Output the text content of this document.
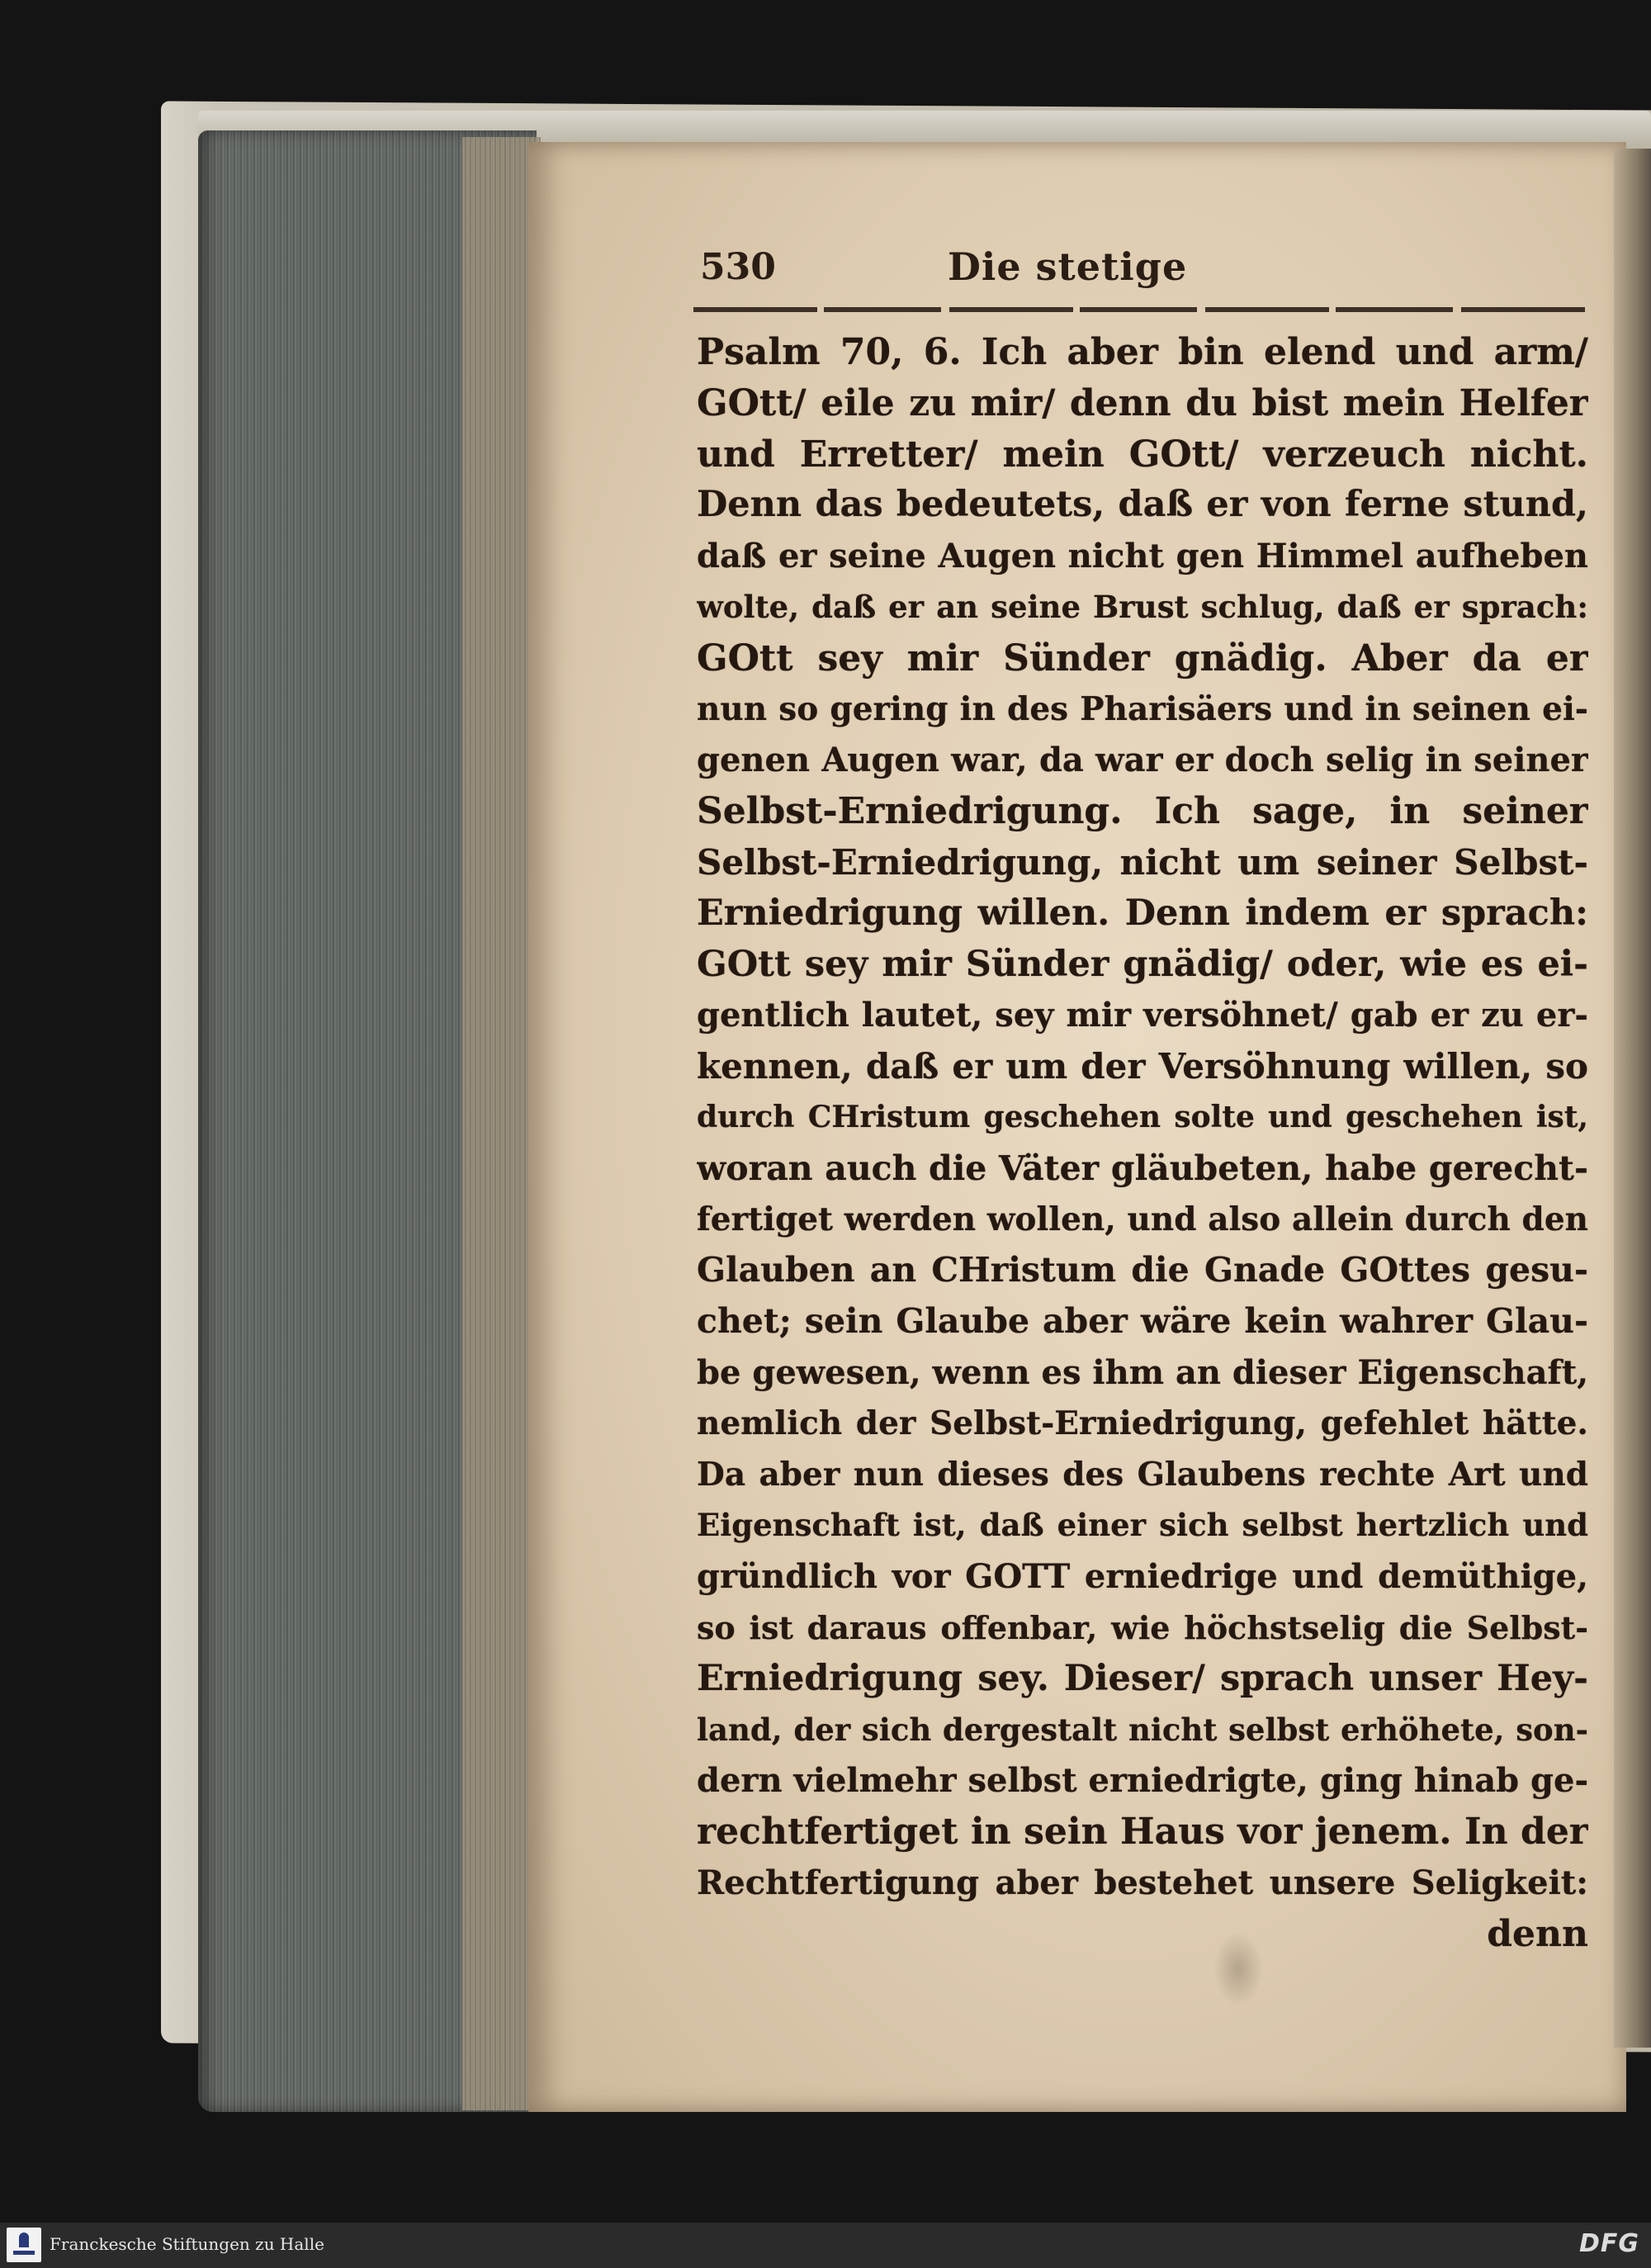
530	Die stetige
Psalm 70, 6. Ich aber bin elend und arm/
GOtt/ eile zu mir/ denn du bist mein Helfer
und Erretter/ mein GOtt/ verzeuch nicht.
Denn das bedeutets, daß er von ferne stund,
daß er seine Augen nicht gen Himmel aufheben
wolte, daß er an seine Brust schlug, daß er sprach:
GOtt sey mir Sünder gnädig. Aber da er
nun so gering in des Pharisäers und in seinen ei-
genen Augen war, da war er doch selig in seiner
Selbst-Erniedrigung. Ich sage, in seiner
Selbst-Erniedrigung, nicht um seiner Selbst-
Erniedrigung willen. Denn indem er sprach:
GOtt sey mir Sünder gnädig/ oder, wie es ei-
gentlich lautet, sey mir versöhnet/ gab er zu er-
kennen, daß er um der Versöhnung willen, so
durch CHristum geschehen solte und geschehen ist,
woran auch die Väter gläubeten, habe gerecht-
fertiget werden wollen, und also allein durch den
Glauben an CHristum die Gnade GOttes gesu-
chet; sein Glaube aber wäre kein wahrer Glau-
be gewesen, wenn es ihm an dieser Eigenschaft,
nemlich der Selbst-Erniedrigung, gefehlet hätte.
Da aber nun dieses des Glaubens rechte Art und
Eigenschaft ist, daß einer sich selbst hertzlich und
gründlich vor GOTT erniedrige und demüthige,
so ist daraus offenbar, wie höchstselig die Selbst-
Erniedrigung sey. Dieser/ sprach unser Hey-
land, der sich dergestalt nicht selbst erhöhete, son-
dern vielmehr selbst erniedrigte, ging hinab ge-
rechtfertiget in sein Haus vor jenem. In der
Rechtfertigung aber bestehet unsere Seligkeit:
denn
Franckesche Stiftungen zu Halle	DFG
